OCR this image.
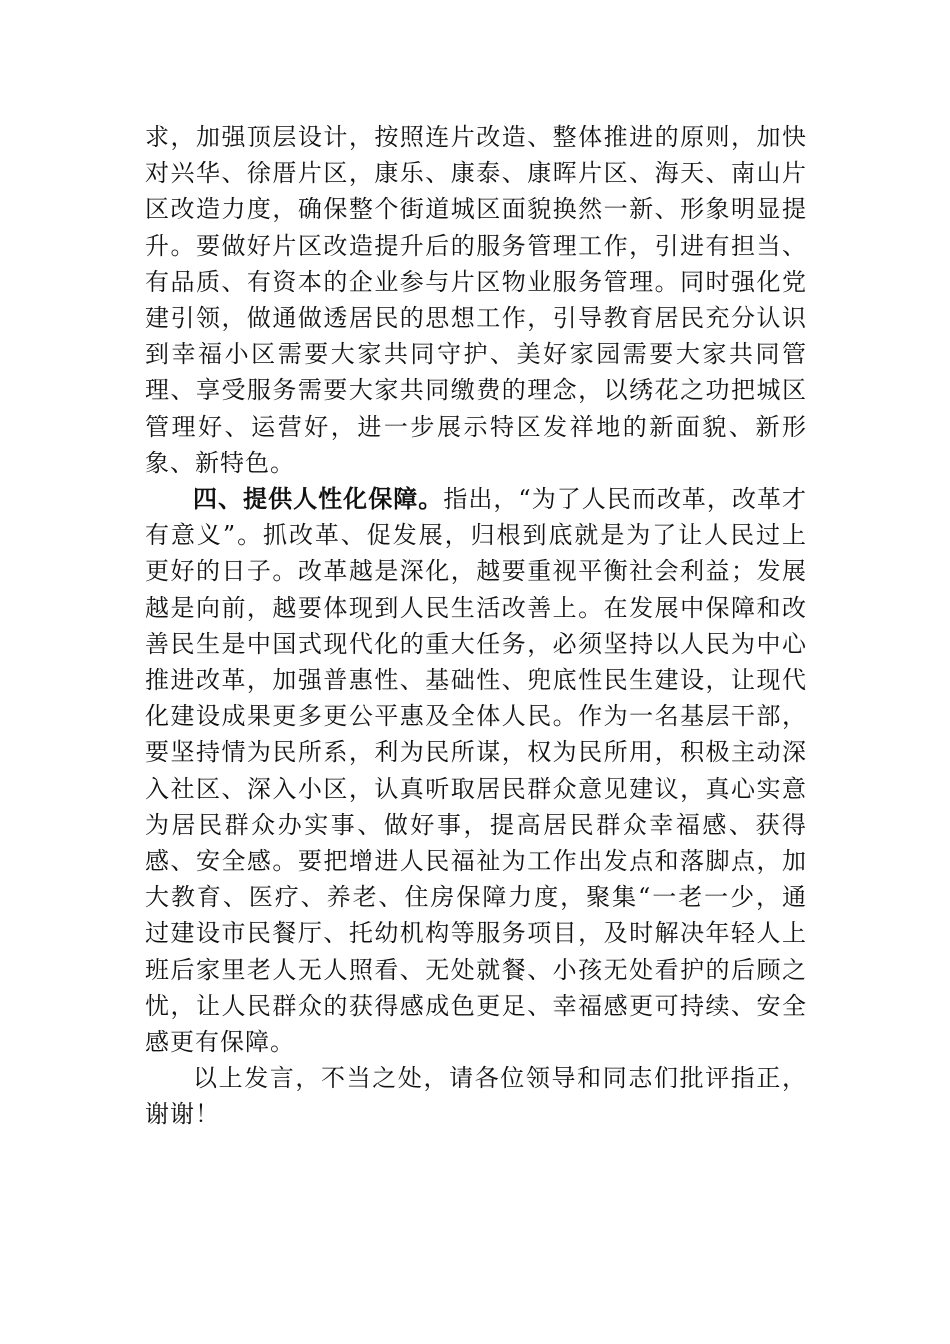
求，加强顶层设计，按照连片改造、整体推进的原则，加快对兴华、徐厝片区，康乐、康泰、康晖片区、海天、南山片区改造力度，确保整个街道城区面貌换然一新、形象明显提升。要做好片区改造提升后的服务管理工作，引进有担当、有品质、有资本的企业参与片区物业服务管理。同时强化党建引领，做通做透居民的思想工作，引导教育居民充分认识到幸福小区需要大家共同守护、美好家园需要大家共同管理、享受服务需要大家共同缴费的理念，以绣花之功把城区管理好、运营好，进一步展示特区发祥地的新面貌、新形象、新特色。

四、提供人性化保障。指出，“为了人民而改革，改革才有意义”。抓改革、促发展，归根到底就是为了让人民过上更好的日子。改革越是深化，越要重视平衡社会利益；发展越是向前，越要体现到人民生活改善上。在发展中保障和改善民生是中国式现代化的重大任务，必须坚持以人民为中心推进改革，加强普惠性、基础性、兜底性民生建设，让现代化建设成果更多更公平惠及全体人民。作为一名基层干部，要坚持情为民所系，利为民所谋，权为民所用，积极主动深入社区、深入小区，认真听取居民群众意见建议，真心实意为居民群众办实事、做好事，提高居民群众幸福感、获得感、安全感。要把增进人民福祉为工作出发点和落脚点，加大教育、医疗、养老、住房保障力度，聚集“一老一少，通过建设市民餐厅、托幼机构等服务项目，及时解决年轻人上班后家里老人无人照看、无处就餐、小孩无处看护的后顾之忧，让人民群众的获得感成色更足、幸福感更可持续、安全感更有保障。

以上发言，不当之处，请各位领导和同志们批评指正，谢谢！
